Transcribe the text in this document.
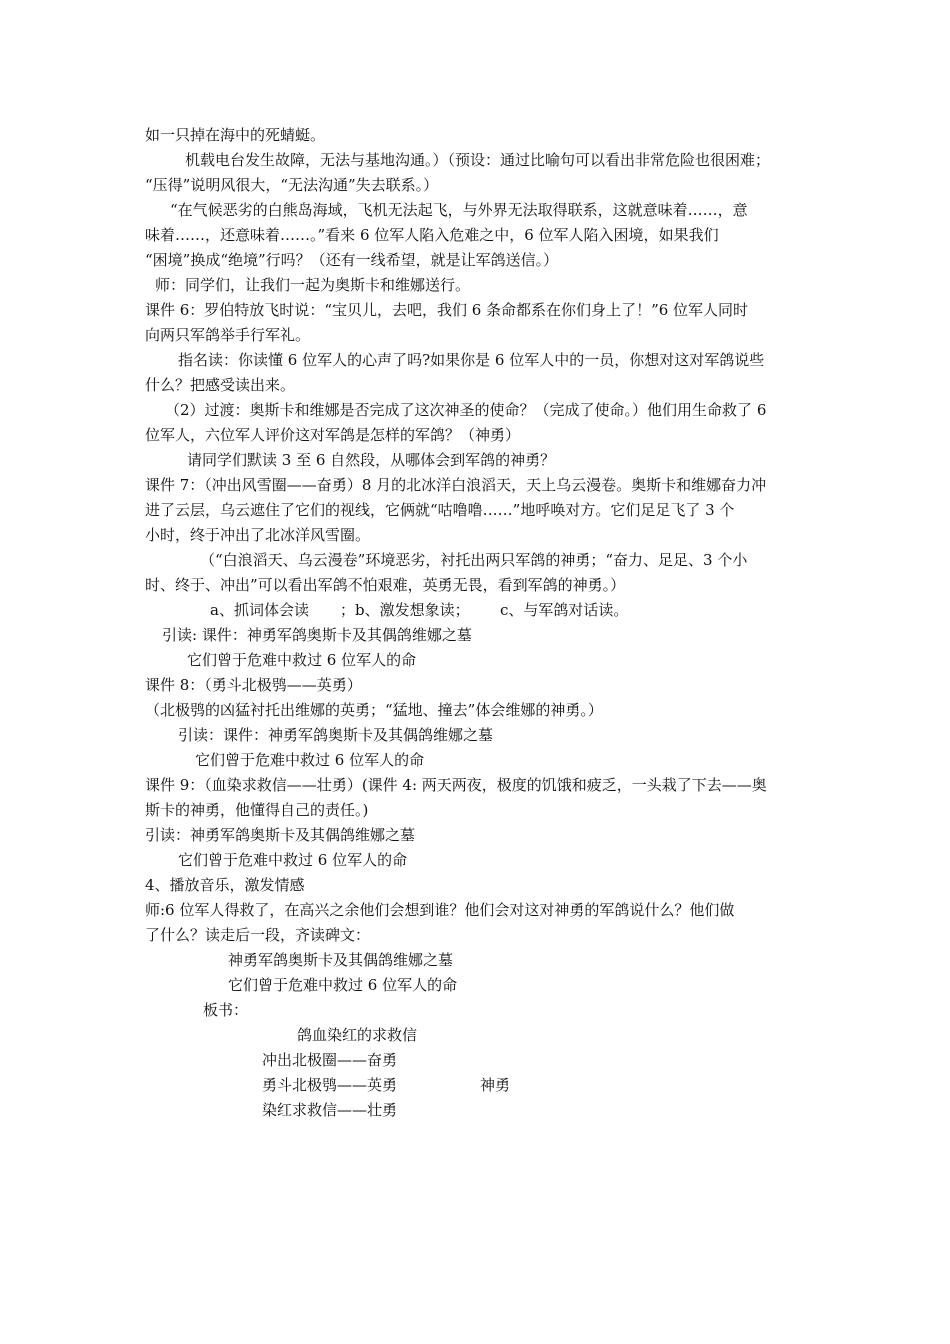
如一只掉在海中的死蜻蜓。
机载电台发生故障，无法与基地沟通。）（预设：通过比喻句可以看出非常危险也很困难；
“压得”说明风很大，“无法沟通”失去联系。）
“在气候恶劣的白熊岛海域，飞机无法起飞，与外界无法取得联系，这就意味着……，意
味着……，还意味着……。”看来 6 位军人陷入危难之中，6 位军人陷入困境，如果我们
“困境”换成“绝境”行吗？（还有一线希望，就是让军鸽送信。）
师：同学们，让我们一起为奥斯卡和维娜送行。
课件 6：罗伯特放飞时说：“宝贝儿，去吧，我们 6 条命都系在你们身上了！”6 位军人同时
向两只军鸽举手行军礼。
指名读：你读懂 6 位军人的心声了吗?如果你是 6 位军人中的一员，你想对这对军鸽说些
什么？把感受读出来。
（2）过渡：奥斯卡和维娜是否完成了这次神圣的使命？（完成了使命。）他们用生命救了 6
位军人，六位军人评价这对军鸽是怎样的军鸽？（神勇）
请同学们默读 3 至 6 自然段，从哪体会到军鸽的神勇？
课件 7：（冲出风雪圈——奋勇）8 月的北冰洋白浪滔天，天上乌云漫卷。奥斯卡和维娜奋力冲
进了云层，乌云遮住了它们的视线，它俩就“咕噜噜……”地呼唤对方。它们足足飞了 3 个
小时，终于冲出了北冰洋风雪圈。
（“白浪滔天、乌云漫卷”环境恶劣，衬托出两只军鸽的神勇；“奋力、足足、3 个小
时、终于、冲出”可以看出军鸽不怕艰难，英勇无畏，看到军鸽的神勇。）
a、抓词体会读 ；b、激发想象读； c、与军鸽对话读。
引读: 课件：神勇军鸽奥斯卡及其偶鸽维娜之墓
它们曾于危难中救过 6 位军人的命
课件 8：（勇斗北极鸮——英勇）
（北极鸮的凶猛衬托出维娜的英勇；“猛地、撞去”体会维娜的神勇。）
引读：课件：神勇军鸽奥斯卡及其偶鸽维娜之墓
它们曾于危难中救过 6 位军人的命
课件 9：（血染求救信——壮勇）(课件 4: 两天两夜，极度的饥饿和疲乏，一头栽了下去——奥
斯卡的神勇，他懂得自己的责任。)
引读：神勇军鸽奥斯卡及其偶鸽维娜之墓
它们曾于危难中救过 6 位军人的命
4、播放音乐，激发情感
师:6 位军人得救了，在高兴之余他们会想到谁？他们会对这对神勇的军鸽说什么？他们做
了什么？读走后一段，齐读碑文：
神勇军鸽奥斯卡及其偶鸽维娜之墓
它们曾于危难中救过 6 位军人的命
板书：
鸽血染红的求救信
冲出北极圈——奋勇
勇斗北极鸮——英勇	神勇
染红求救信——壮勇
